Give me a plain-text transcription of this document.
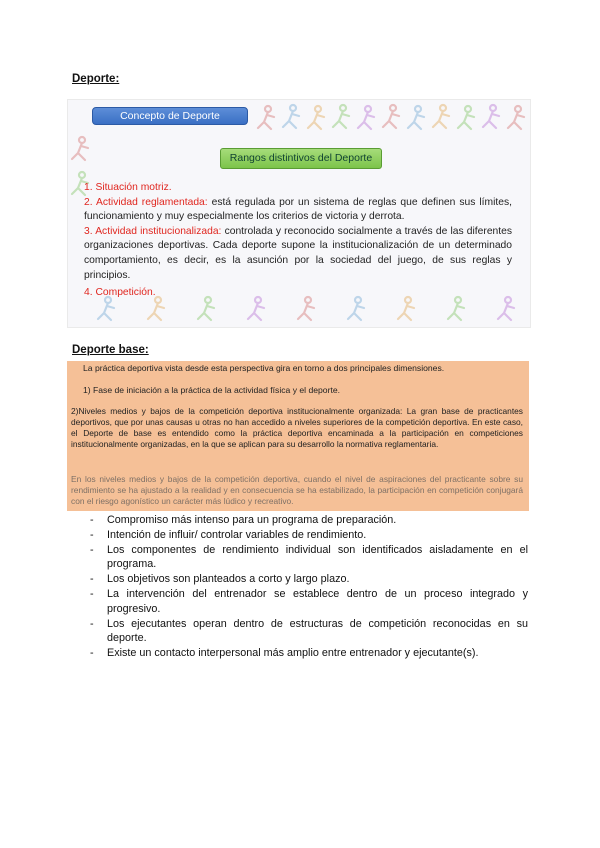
Deporte:
Concepto de Deporte
Rangos distintivos del Deporte

1. Situación motriz.

2. Actividad reglamentada: está regulada por un sistema de reglas que definen sus límites, funcionamiento y muy especialmente los criterios de victoria y derrota.

3. Actividad institucionalizada: controlada y reconocido socialmente a través de las diferentes organizaciones deportivas. Cada deporte supone la institucionalización de un determinado comportamiento, es decir, es la asunción por la sociedad del juego, de sus reglas y principios.

4. Competición.

Deporte base:
La práctica deportiva vista desde esta perspectiva gira en torno a dos principales dimensiones.
1) Fase de iniciación a la práctica de la actividad física y el deporte.
2)Niveles medios y bajos de la competición deportiva institucionalmente organizada: La gran base de practicantes deportivos, que por unas causas u otras no han accedido a niveles superiores de la competición deportiva. En este caso, el Deporte de base es entendido como la práctica deportiva encaminada a la participación en competiciones institucionalmente organizadas, en la que se aplican para su desarrollo la normativa reglamentaria.
En los niveles medios y bajos de la competición deportiva, cuando el nivel de aspiraciones del practicante sobre su rendimiento se ha ajustado a la realidad y en consecuencia se ha estabilizado, la participación en competición conjugará con el riesgo agonístico un carácter más lúdico y recreativo.
- Compromiso más intenso para un programa de preparación.
- Intención de influir/ controlar variables de rendimiento.
- Los componentes de rendimiento individual son identificados aisladamente en el programa.
- Los objetivos son planteados a corto y largo plazo.
- La intervención del entrenador se establece dentro de un proceso integrado y progresivo.
- Los ejecutantes operan dentro de estructuras de competición reconocidas en su deporte.
- Existe un contacto interpersonal más amplio entre entrenador y ejecutante(s).
